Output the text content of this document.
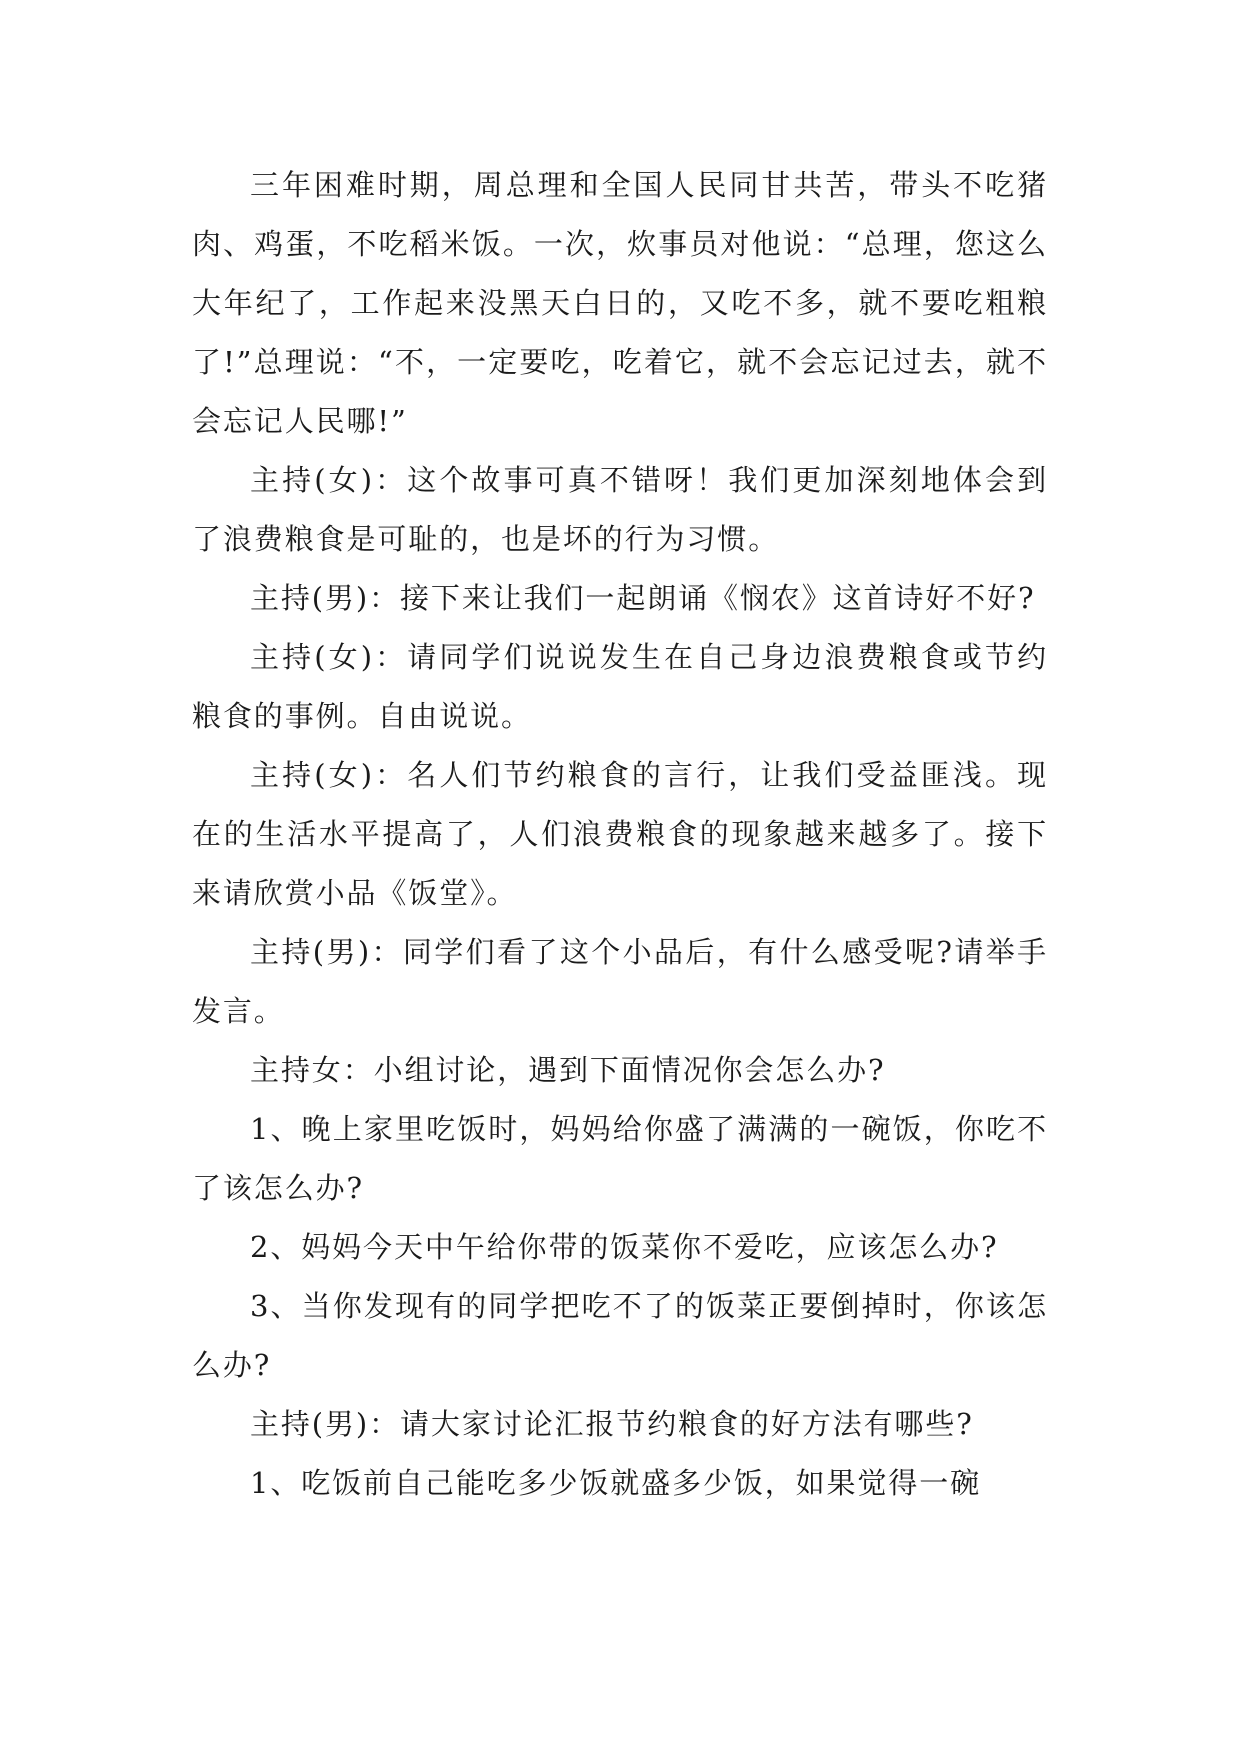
三年困难时期，周总理和全国人民同甘共苦，带头不吃猪肉、鸡蛋，不吃稻米饭。一次，炊事员对他说：“总理，您这么大年纪了，工作起来没黑天白日的，又吃不多，就不要吃粗粮了!”总理说：“不，一定要吃，吃着它，就不会忘记过去，就不会忘记人民哪!”

主持(女)：这个故事可真不错呀！我们更加深刻地体会到了浪费粮食是可耻的，也是坏的行为习惯。

主持(男)：接下来让我们一起朗诵《悯农》这首诗好不好?

主持(女)：请同学们说说发生在自己身边浪费粮食或节约粮食的事例。自由说说。

主持(女)：名人们节约粮食的言行，让我们受益匪浅。现在的生活水平提高了，人们浪费粮食的现象越来越多了。接下来请欣赏小品《饭堂》。

主持(男)：同学们看了这个小品后，有什么感受呢?请举手发言。

主持女：小组讨论，遇到下面情况你会怎么办?

1、晚上家里吃饭时，妈妈给你盛了满满的一碗饭，你吃不了该怎么办?

2、妈妈今天中午给你带的饭菜你不爱吃，应该怎么办?

3、当你发现有的同学把吃不了的饭菜正要倒掉时，你该怎么办?

主持(男)：请大家讨论汇报节约粮食的好方法有哪些?

1、吃饭前自己能吃多少饭就盛多少饭，如果觉得一碗
